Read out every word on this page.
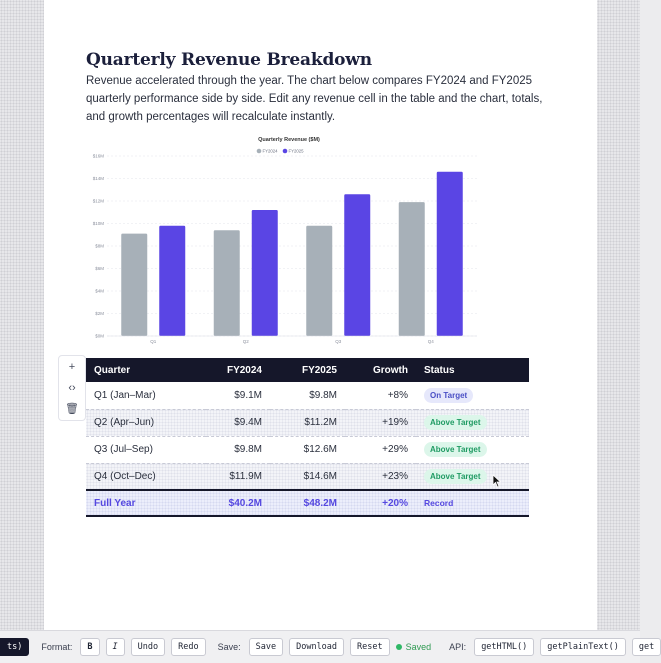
Quarterly Revenue Breakdown

Revenue accelerated through the year. The chart below compares FY2024 and FY2025 quarterly performance side by side. Edit any revenue cell in the table and the chart, totals, and growth percentages will recalculate instantly.

Quarterly Revenue ($M)
$0M
$2M
$4M
$6M
$8M
$10M
$12M
$14M
$16M
FY2024	FY2025
Q1	Q2	Q3	Q4
+
‹›
🗑
Quarter	FY2024	FY2025	Growth	Status
Q1 (Jan–Mar)	$9.1M	$9.8M	+8%	On Target
Q2 (Apr–Jun)	$9.4M	$11.2M	+19%	Above Target
Q3 (Jul–Sep)	$9.8M	$12.6M	+29%	Above Target
Q4 (Oct–Dec)	$11.9M	$14.6M	+23%	Above Target
Full Year	$40.2M	$48.2M	+20%	Record
ts)	Format:	B	I	Undo	Redo	Save:	Save	Download	Reset	Saved API:	getHTML()	getPlainText()	get
